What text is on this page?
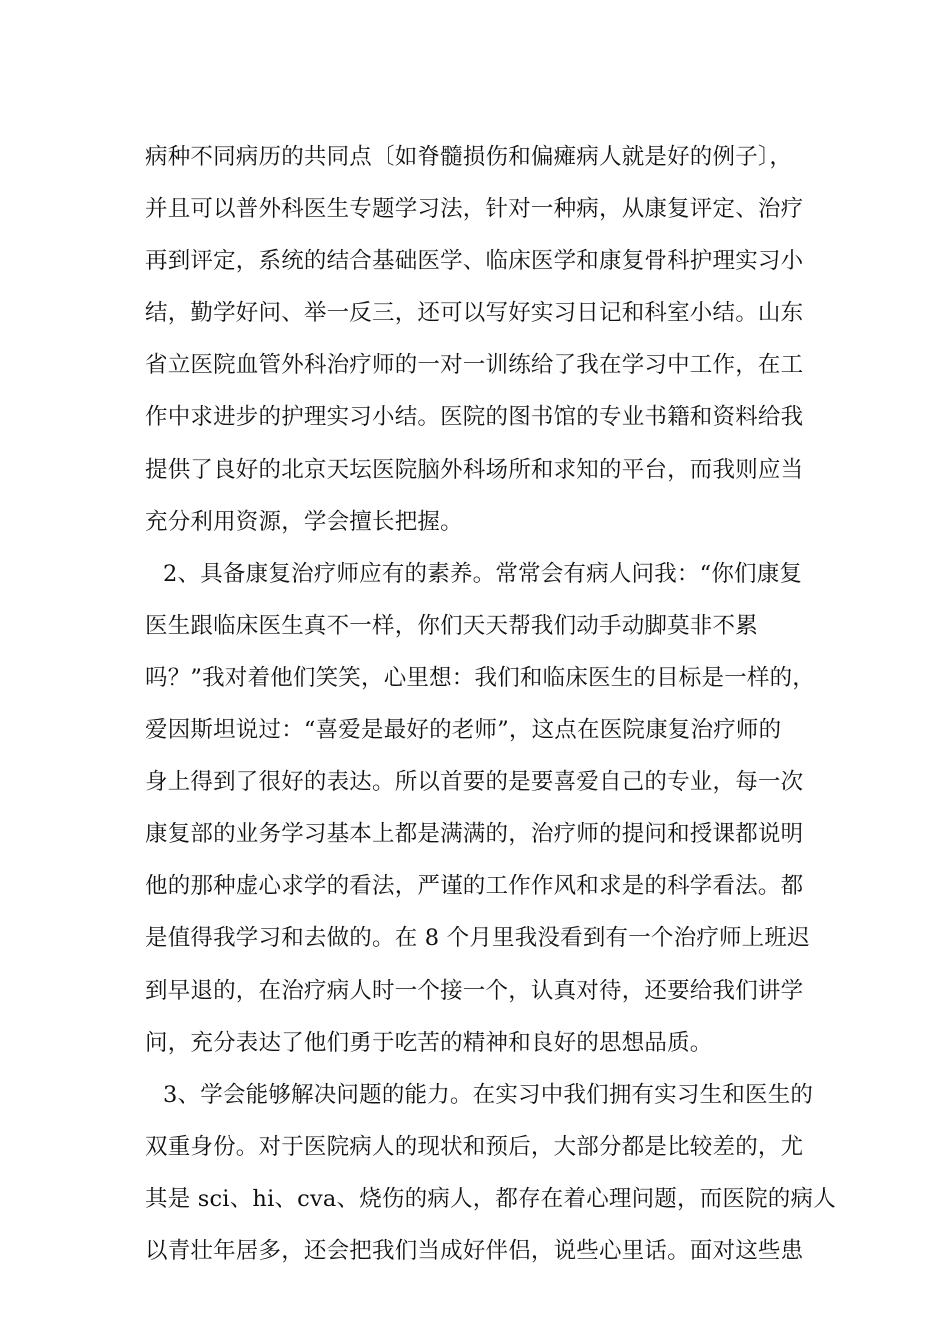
病种不同病历的共同点〔如脊髓损伤和偏瘫病人就是好的例子〕，
并且可以普外科医生专题学习法，针对一种病，从康复评定、治疗
再到评定，系统的结合基础医学、临床医学和康复骨科护理实习小
结，勤学好问、举一反三，还可以写好实习日记和科室小结。山东
省立医院血管外科治疗师的一对一训练给了我在学习中工作，在工
作中求进步的护理实习小结。医院的图书馆的专业书籍和资料给我
提供了良好的北京天坛医院脑外科场所和求知的平台，而我则应当
充分利用资源，学会擅长把握。
2、具备康复治疗师应有的素养。常常会有病人问我：“你们康复
医生跟临床医生真不一样，你们天天帮我们动手动脚莫非不累
吗？”我对着他们笑笑，心里想：我们和临床医生的目标是一样的，
爱因斯坦说过：“喜爱是最好的老师”，这点在医院康复治疗师的
身上得到了很好的表达。所以首要的是要喜爱自己的专业，每一次
康复部的业务学习基本上都是满满的，治疗师的提问和授课都说明
他的那种虚心求学的看法，严谨的工作作风和求是的科学看法。都
是值得我学习和去做的。在 8 个月里我没看到有一个治疗师上班迟
到早退的，在治疗病人时一个接一个，认真对待，还要给我们讲学
问，充分表达了他们勇于吃苦的精神和良好的思想品质。
3、学会能够解决问题的能力。在实习中我们拥有实习生和医生的
双重身份。对于医院病人的现状和预后，大部分都是比较差的，尤
其是 sci、hi、cva、烧伤的病人，都存在着心理问题，而医院的病人
以青壮年居多，还会把我们当成好伴侣，说些心里话。面对这些患
